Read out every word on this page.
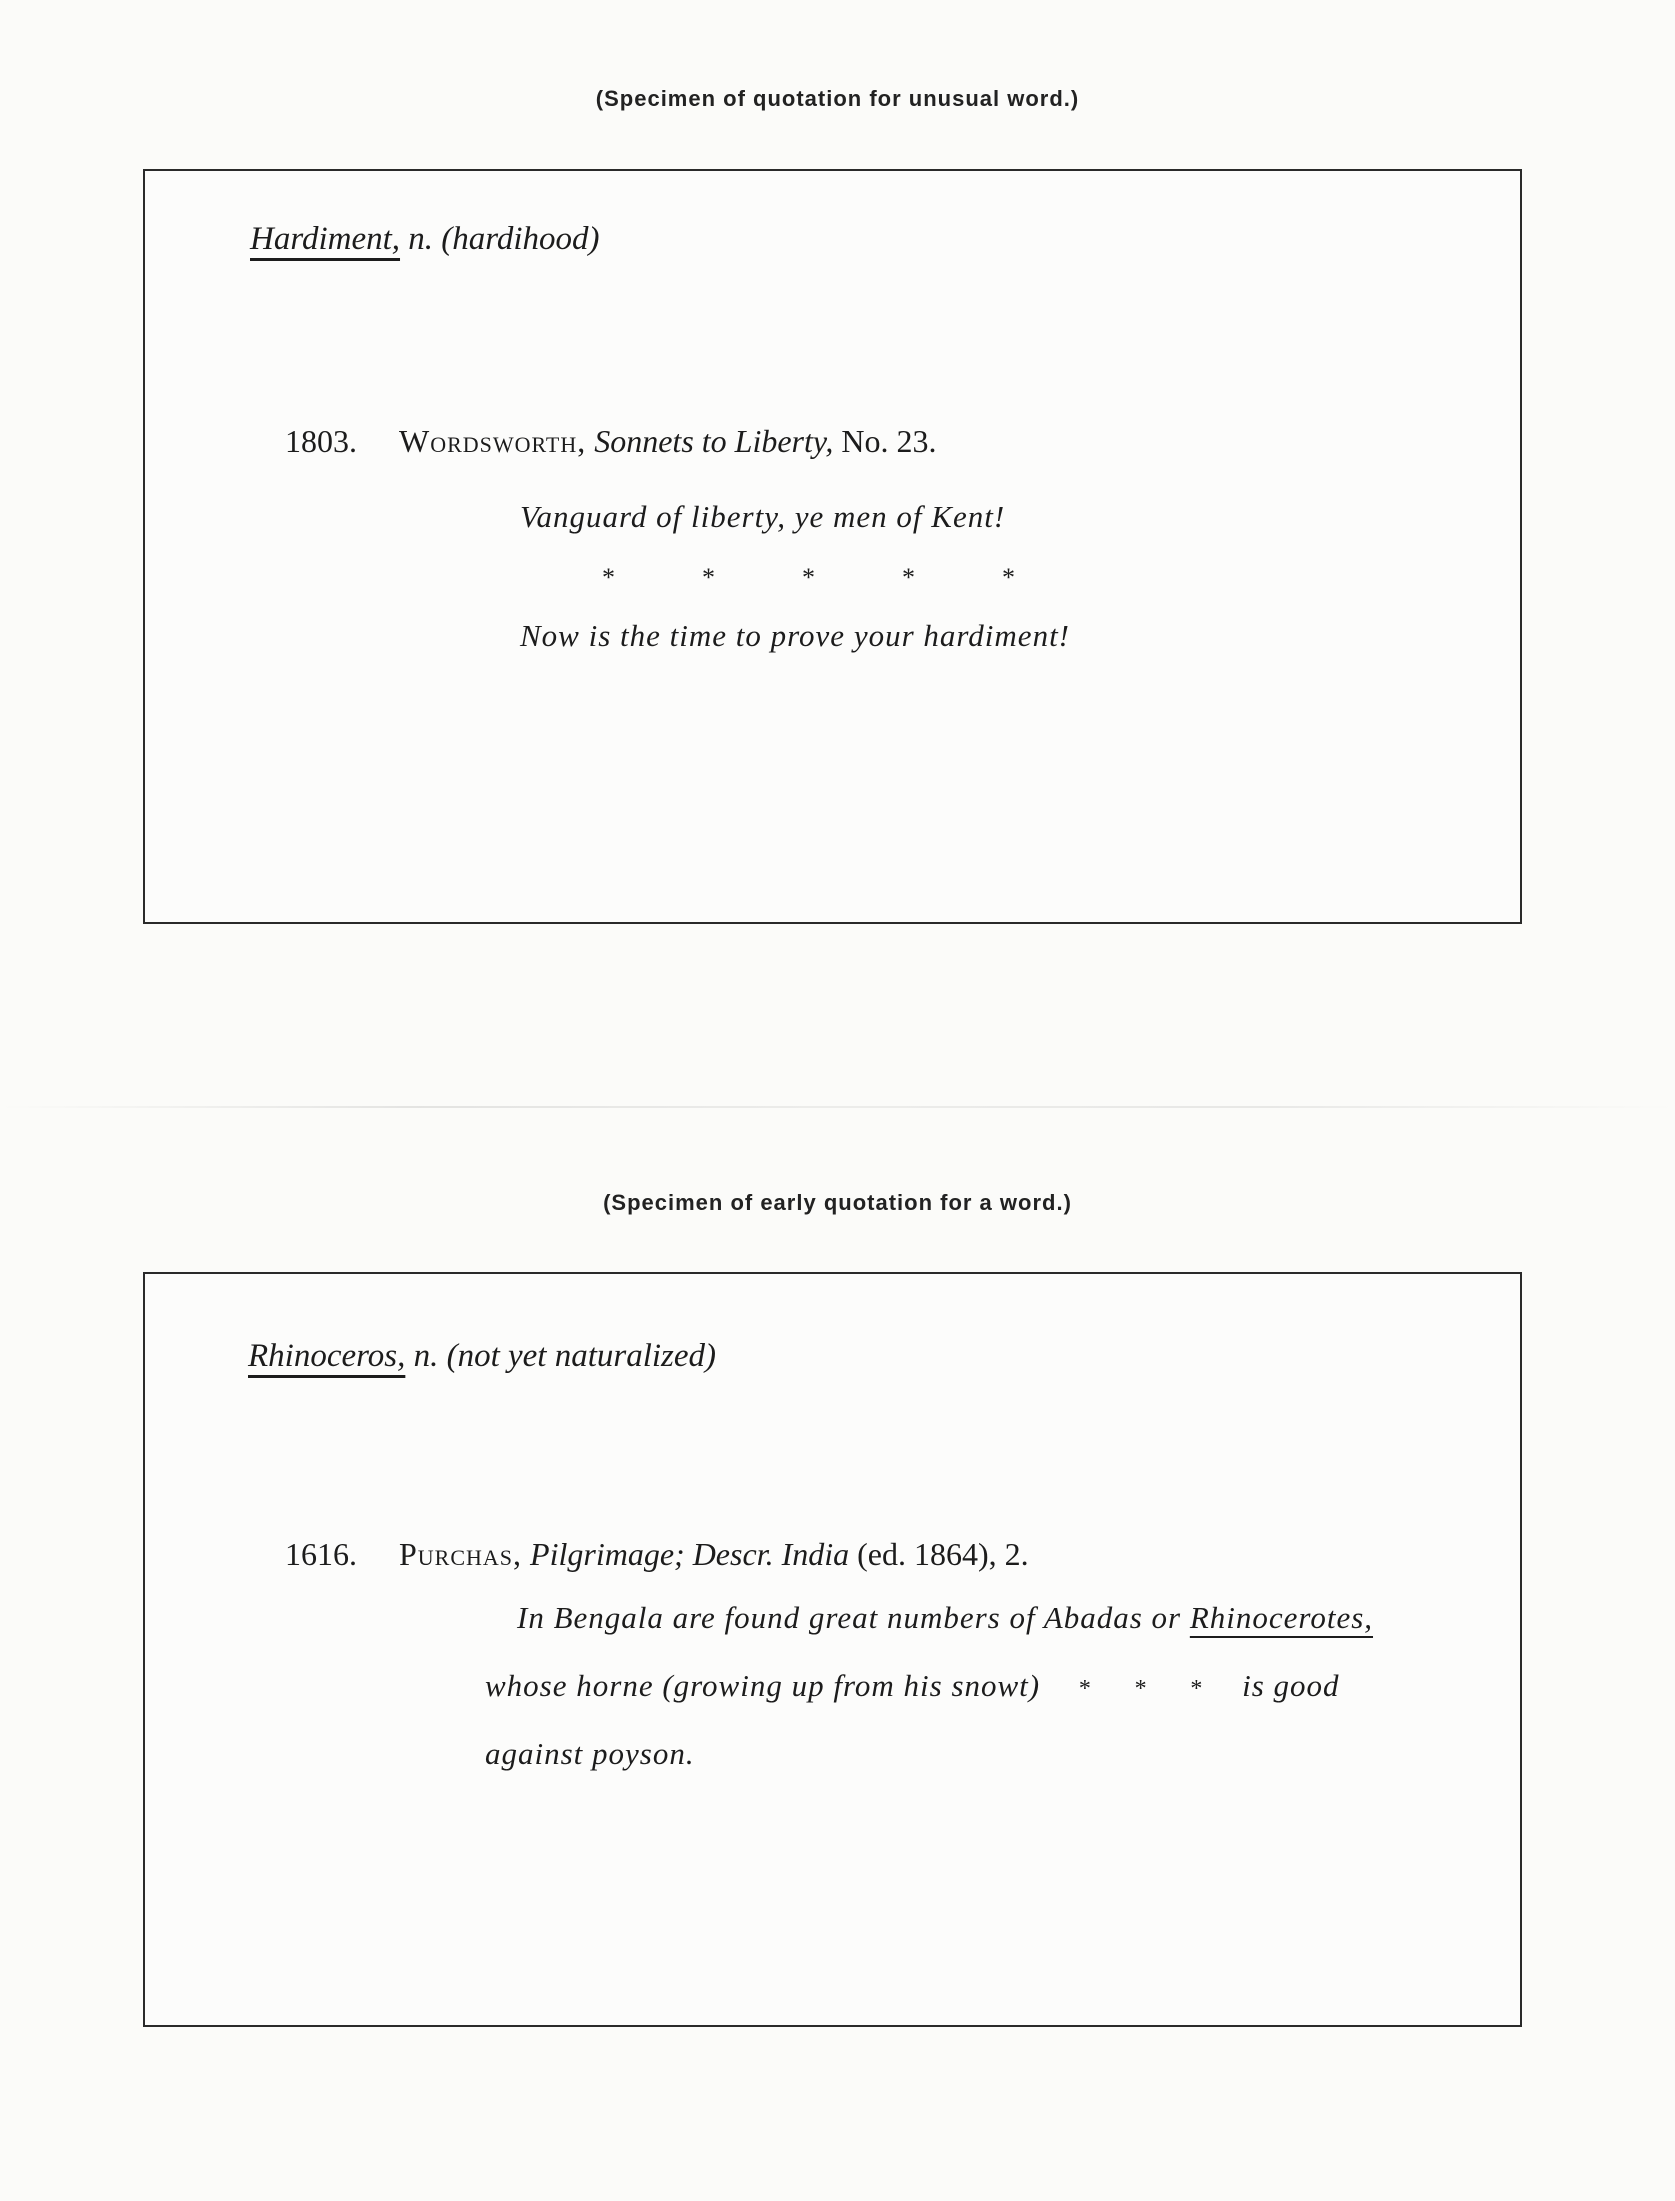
(Specimen of quotation for unusual word.)
Hardiment, n. (hardihood)
1803. Wordsworth, Sonnets to Liberty, No. 23.
Vanguard of liberty, ye men of Kent!
*	*	*	*	*
Now is the time to prove your hardiment!
(Specimen of early quotation for a word.)
Rhinoceros, n. (not yet naturalized)
1616. Purchas, Pilgrimage; Descr. India (ed. 1864), 2.
In Bengala are found great numbers of Abadas or Rhinocerotes,
whose horne (growing up from his snowt) * * * is good
against poyson.
